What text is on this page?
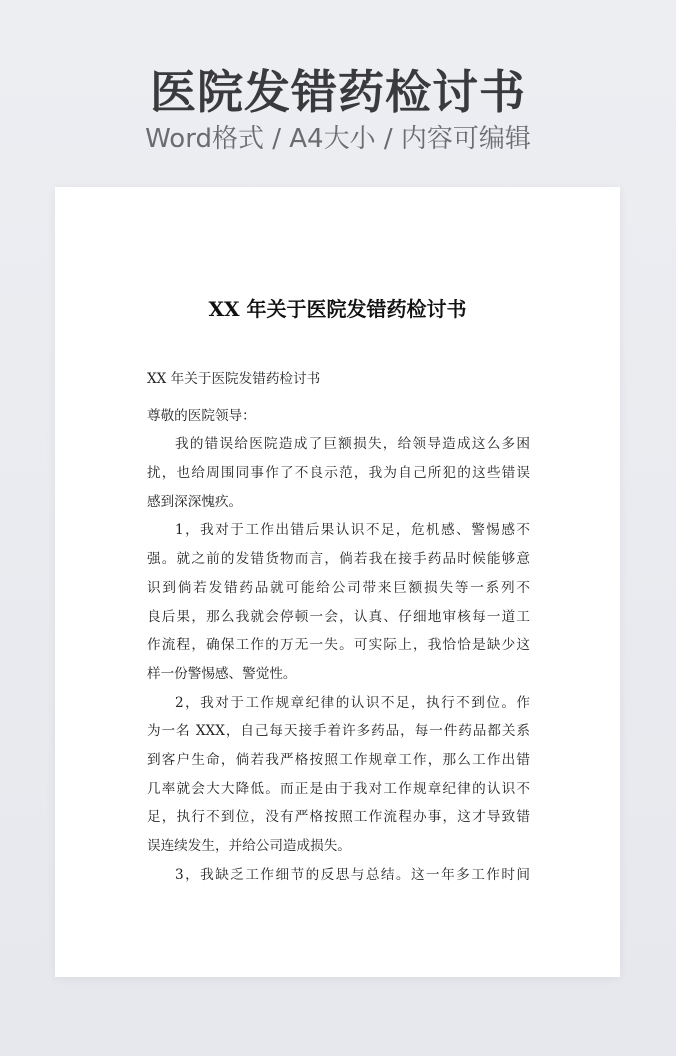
医院发错药检讨书
Word格式 / A4大小 / 内容可编辑
XX 年关于医院发错药检讨书
XX 年关于医院发错药检讨书
尊敬的医院领导：
我的错误给医院造成了巨额损失，给领导造成这么多困
扰，也给周围同事作了不良示范，我为自己所犯的这些错误
感到深深愧疚。
1，我对于工作出错后果认识不足，危机感、警惕感不
强。就之前的发错货物而言，倘若我在接手药品时候能够意
识到倘若发错药品就可能给公司带来巨额损失等一系列不
良后果，那么我就会停顿一会，认真、仔细地审核每一道工
作流程，确保工作的万无一失。可实际上，我恰恰是缺少这
样一份警惕感、警觉性。
2，我对于工作规章纪律的认识不足，执行不到位。作
为一名 XXX，自己每天接手着许多药品，每一件药品都关系
到客户生命，倘若我严格按照工作规章工作，那么工作出错
几率就会大大降低。而正是由于我对工作规章纪律的认识不
足，执行不到位，没有严格按照工作流程办事，这才导致错
误连续发生，并给公司造成损失。
3，我缺乏工作细节的反思与总结。这一年多工作时间
